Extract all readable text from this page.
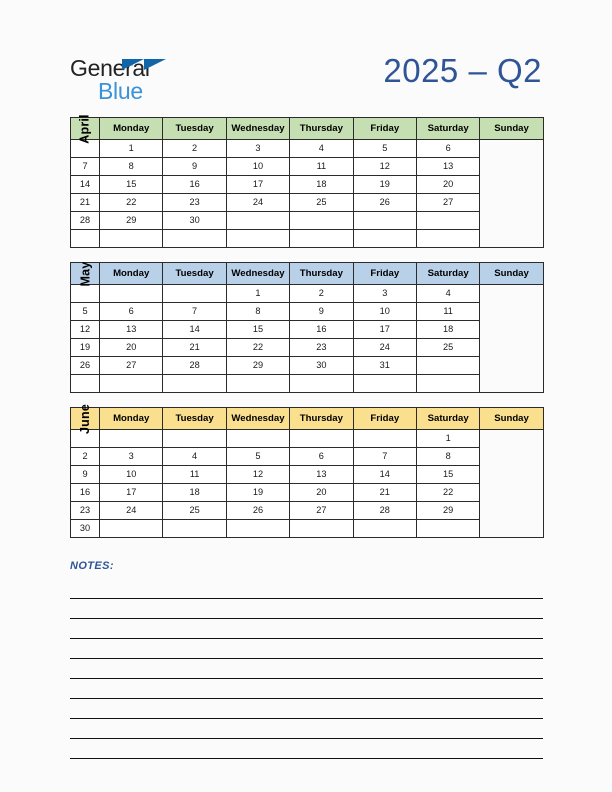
General
Blue
2025 – Q2
April	Monday	Tuesday	Wednesday	Thursday	Friday	Saturday	Sunday
	1	2	3	4	5	6	
7	8	9	10	11	12	13	
14	15	16	17	18	19	20	
21	22	23	24	25	26	27	
28	29	30					

May	Monday	Tuesday	Wednesday	Thursday	Friday	Saturday	Sunday
			1	2	3	4	
5	6	7	8	9	10	11	
12	13	14	15	16	17	18	
19	20	21	22	23	24	25	
26	27	28	29	30	31		

June	Monday	Tuesday	Wednesday	Thursday	Friday	Saturday	Sunday
						1	
2	3	4	5	6	7	8	
9	10	11	12	13	14	15	
16	17	18	19	20	21	22	
23	24	25	26	27	28	29	
30							
NOTES:
